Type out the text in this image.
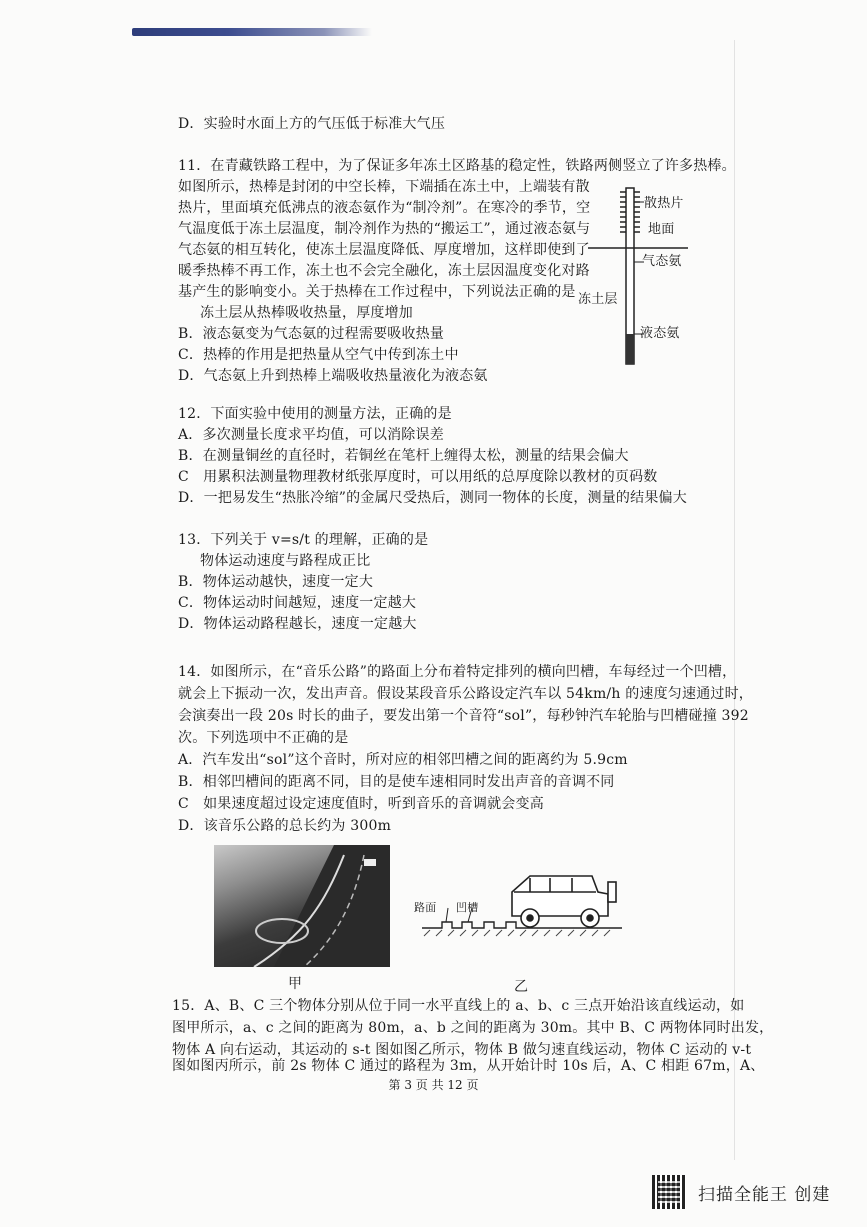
D．实验时水面上方的气压低于标准大气压
11．在青藏铁路工程中，为了保证多年冻土区路基的稳定性，铁路两侧竖立了许多热棒。
如图所示，热棒是封闭的中空长棒，下端插在冻土中，上端装有散
热片，里面填充低沸点的液态氨作为“制冷剂”。在寒冷的季节，空
气温度低于冻土层温度，制冷剂作为热的“搬运工”，通过液态氨与
气态氨的相互转化，使冻土层温度降低、厚度增加，这样即使到了
暖季热棒不再工作，冻土也不会完全融化，冻土层因温度变化对路
基产生的影响变小。关于热棒在工作过程中，下列说法正确的是
冻土层从热棒吸收热量，厚度增加
B．液态氨变为气态氨的过程需要吸收热量
C．热棒的作用是把热量从空气中传到冻土中
D．气态氨上升到热棒上端吸收热量液化为液态氨
散热片
地面
气态氨
冻土层
液态氨
12．下面实验中使用的测量方法，正确的是
A．多次测量长度求平均值，可以消除误差
B．在测量铜丝的直径时，若铜丝在笔杆上缠得太松，测量的结果会偏大
C　用累积法测量物理教材纸张厚度时，可以用纸的总厚度除以教材的页码数
D．一把易发生“热胀冷缩”的金属尺受热后，测同一物体的长度，测量的结果偏大
13．下列关于 v=s/t 的理解，正确的是
物体运动速度与路程成正比
B．物体运动越快，速度一定大
C．物体运动时间越短，速度一定越大
D．物体运动路程越长，速度一定越大
14．如图所示，在“音乐公路”的路面上分布着特定排列的横向凹槽，车每经过一个凹槽，
就会上下振动一次，发出声音。假设某段音乐公路设定汽车以 54km/h 的速度匀速通过时，
会演奏出一段 20s 时长的曲子，要发出第一个音符“sol”，每秒钟汽车轮胎与凹槽碰撞 392
次。下列选项中不正确的是
A．汽车发出“sol”这个音时，所对应的相邻凹槽之间的距离约为 5.9cm
B．相邻凹槽间的距离不同，目的是使车速相同时发出声音的音调不同
C　如果速度超过设定速度值时，听到音乐的音调就会变高
D．该音乐公路的总长约为 300m
路面 凹槽
甲	乙
15．A、B、C 三个物体分别从位于同一水平直线上的 a、b、c 三点开始沿该直线运动，如
图甲所示，a、c 之间的距离为 80m，a、b 之间的距离为 30m。其中 B、C 两物体同时出发，
物体 A 向右运动，其运动的 s-t 图如图乙所示，物体 B 做匀速直线运动，物体 C 运动的 v-t
图如图丙所示，前 2s 物体 C 通过的路程为 3m，从开始计时 10s 后，A、C 相距 67m，A、
第 3 页 共 12 页
扫描全能王 创建
